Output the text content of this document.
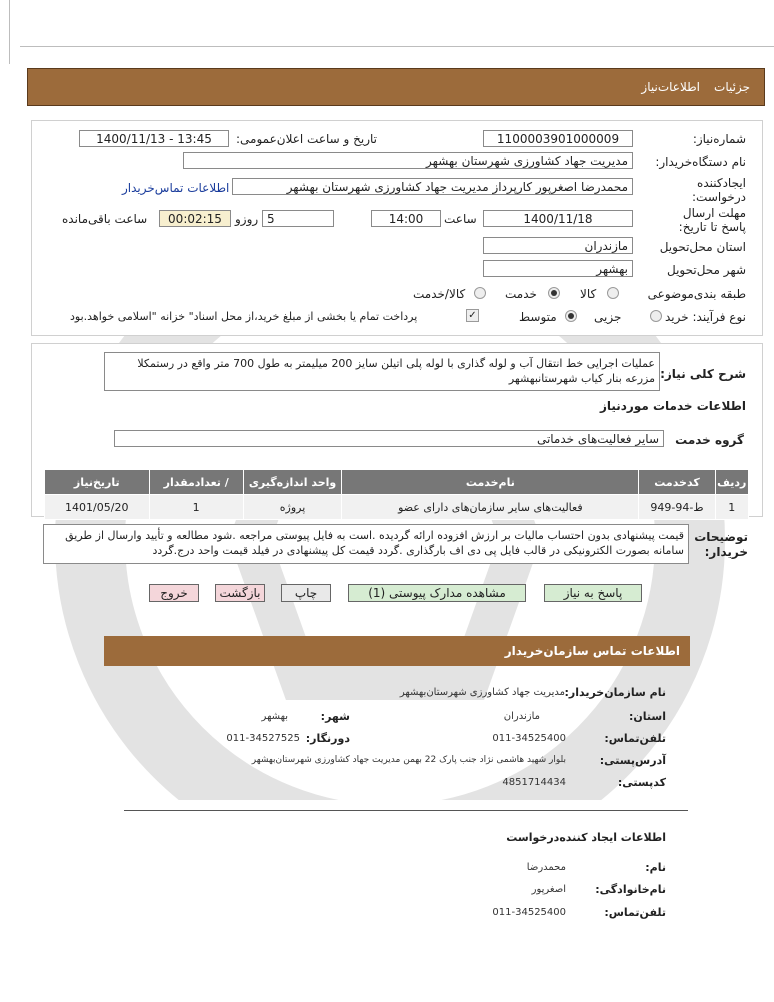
جزئیات
اطلاعات‌نیاز
شماره‌نیاز:
1100003901000009
تاریخ و ساعت اعلان‌عمومی:
1400/11/13 - 13:45
نام دستگاه‌خریدار:
مدیریت جهاد کشاورزی شهرستان بهشهر
ایجادکننده درخواست:
محمدرضا اصغرپور کارپرداز مدیریت جهاد کشاورزی شهرستان بهشهر
اطلاعات تماس‌خریدار
مهلت ارسال پاسخ تا تاریخ:
1400/11/18
ساعت
14:00
5
روزو
00:02:15
ساعت باقی‌مانده
استان محل‌تحویل
مازندران
شهر محل‌تحویل
بهشهر
طبقه بندی‌موضوعی
کالا
خدمت
کالا/خدمت
نوع فرآیند:
خرید
جزیی
متوسط
✓
پرداخت تمام یا بخشی از مبلغ خرید،از محل اسناد" خزانه "اسلامی خواهد.بود
شرح کلی نیاز:
عملیات اجرایی خط انتقال آب و لوله گذاری با لوله پلی اتیلن سایز 200 میلیمتر به طول 700 متر واقع در رستمکلا مزرعه بنار کیاب شهرستانبهشهر
اطلاعات خدمات موردنیاز
گروه خدمت
سایر فعالیت‌های خدماتی
ردیف	کدخدمت	نام‌خدمت	واحد اندازه‌گیری	/ تعدادمقدار	تاریخ‌نیاز
1	ط-94-949	فعالیت‌های سایر سازمان‌های دارای عضو	پروژه	1	1401/05/20
توضیحات خریدار:
قیمت پیشنهادی بدون احتساب مالیات بر ارزش افزوده ارائه گردیده .است به فایل پیوستی مراجعه .شود مطالعه و تأیید وارسال از طریق سامانه بصورت الکترونیکی در قالب فایل پی دی اف بارگذاری .گردد قیمت کل پیشنهادی در فیلد قیمت واحد درج.گردد
پاسخ به نیاز
مشاهده مدارک پیوستی (1)
چاپ
بازگشت
خروج
اطلاعات تماس سازمان‌خریدار
نام سازمان‌خریدار:
مدیریت جهاد کشاورزی شهرستان‌بهشهر
استان:
مازندران
شهر:
بهشهر
تلفن‌تماس:
011-34525400
دورنگار:
011-34527525
آدرس‌پستی:
بلوار شهید هاشمی نژاد جنب پارک 22 بهمن مدیریت جهاد کشاورزی شهرستان‌بهشهر
کدپستی:
4851714434
اطلاعات ایجاد کننده‌درخواست
نام:
محمدرضا
نام‌خانوادگی:
اصغرپور
تلفن‌تماس:
011-34525400
